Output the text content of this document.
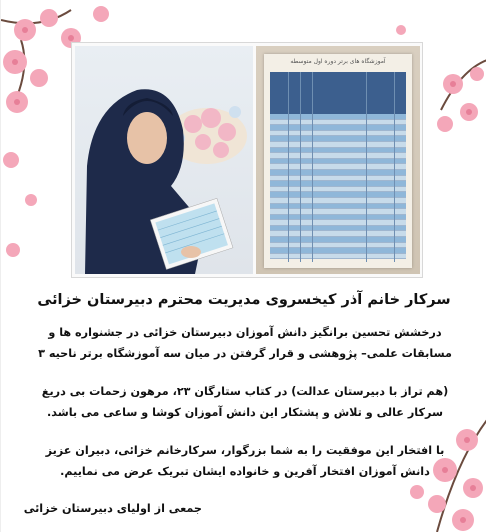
آموزشگاه های برتر دوره اول متوسطه
سرکار خانم آذر کیخسروی مدیریت محترم دبیرستان خزائی
درخشش تحسین برانگیز دانش آموزان دبیرستان خزائی در جشنواره ها و مسابقات علمی– پژوهشی و قرار گرفتن در میان سه آموزشگاه برتر ناحیه ۳
(هم تراز با دبیرستان عدالت) در کتاب ستارگان ۲۳، مرهون زحمات بی دریغ سرکار عالی و تلاش و پشتکار این دانش آموزان کوشا و ساعی می باشد.
با افتخار این موفقیت را به شما بزرگوار، سرکارخانم خزائی، دبیران عزیز دانش آموزان افتخار آفرین و خانواده ایشان تبریک عرض می نماییم.
جمعی از اولیای دبیرستان خزائی
